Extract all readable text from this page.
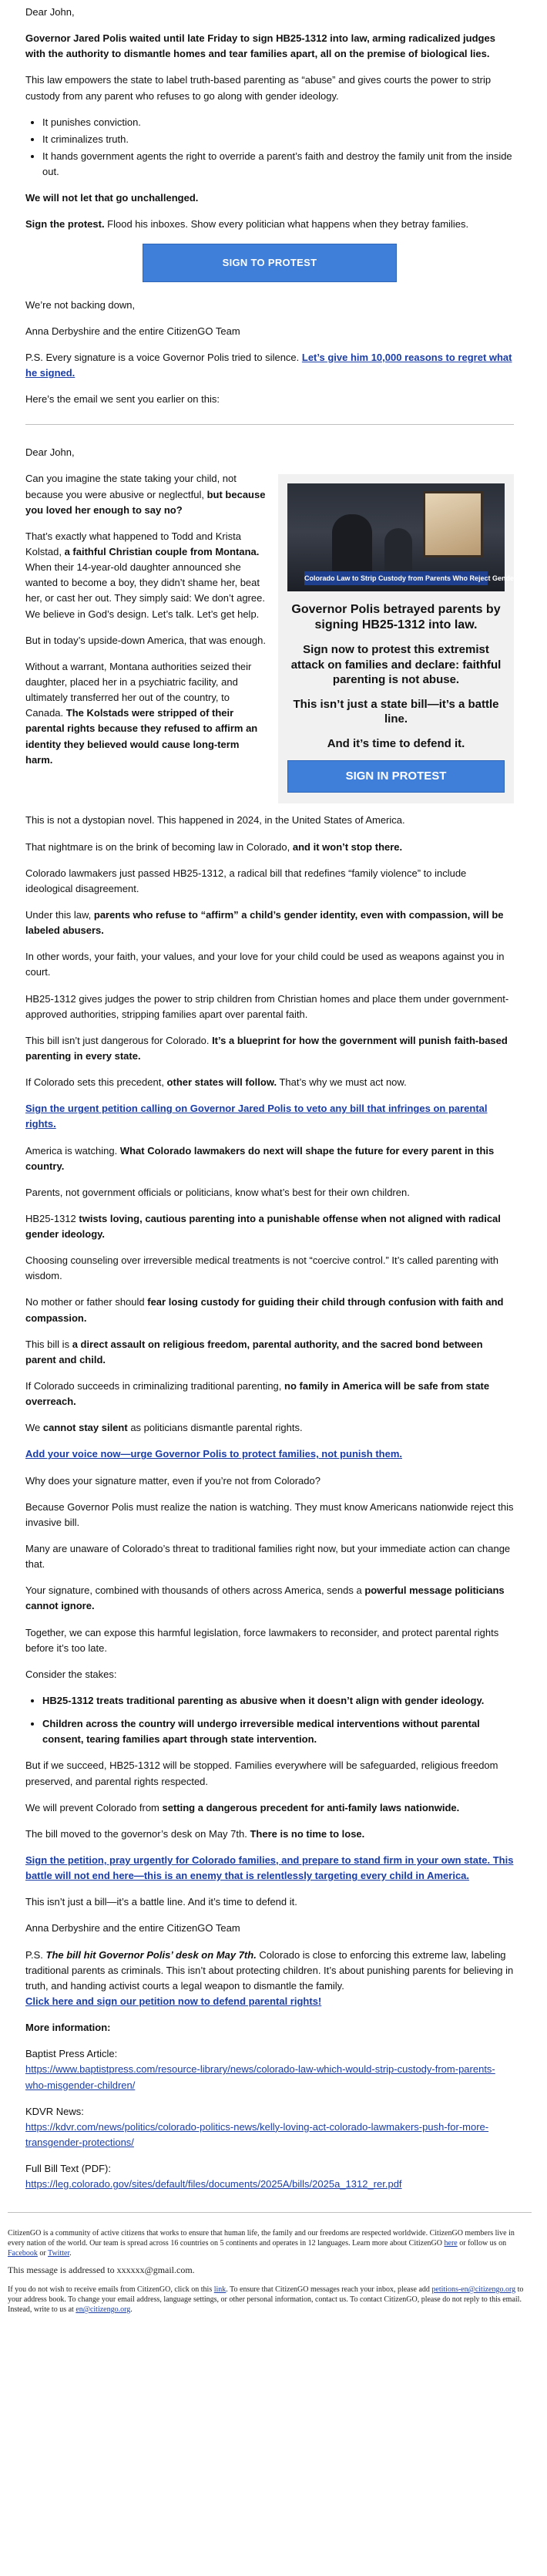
Dear John,

Governor Jared Polis waited until late Friday to sign HB25-1312 into law, arming radicalized judges with the authority to dismantle homes and tear families apart, all on the premise of biological lies.

This law empowers the state to label truth-based parenting as “abuse” and gives courts the power to strip custody from any parent who refuses to go along with gender ideology.

• It punishes conviction.
• It criminalizes truth.
• It hands government agents the right to override a parent’s faith and destroy the family unit from the inside out.

We will not let that go unchallenged.

Sign the protest. Flood his inboxes. Show every politician what happens when they betray families.

SIGN TO PROTEST

We’re not backing down,

Anna Derbyshire and the entire CitizenGO Team

P.S. Every signature is a voice Governor Polis tried to silence. Let’s give him 10,000 reasons to regret what he signed.

Here’s the email we sent you earlier on this:

Dear John,

Colorado Law to Strip Custody from Parents Who Reject Gender Ideology
Governor Polis betrayed parents by signing HB25-1312 into law.
Sign now to protest this extremist attack on families and declare: faithful parenting is not abuse.
This isn’t just a state bill—it’s a battle line.
And it’s time to defend it.
SIGN IN PROTEST

Can you imagine the state taking your child, not because you were abusive or neglectful, but because you loved her enough to say no?

That’s exactly what happened to Todd and Krista Kolstad, a faithful Christian couple from Montana. When their 14-year-old daughter announced she wanted to become a boy, they didn’t shame her, beat her, or cast her out. They simply said: We don’t agree. We believe in God’s design. Let’s talk. Let’s get help.

But in today’s upside-down America, that was enough.

Without a warrant, Montana authorities seized their daughter, placed her in a psychiatric facility, and ultimately transferred her out of the country, to Canada. The Kolstads were stripped of their parental rights because they refused to affirm an identity they believed would cause long-term harm.

This is not a dystopian novel. This happened in 2024, in the United States of America.

That nightmare is on the brink of becoming law in Colorado, and it won’t stop there.

Colorado lawmakers just passed HB25-1312, a radical bill that redefines “family violence” to include ideological disagreement.

Under this law, parents who refuse to “affirm” a child’s gender identity, even with compassion, will be labeled abusers.

In other words, your faith, your values, and your love for your child could be used as weapons against you in court.

HB25-1312 gives judges the power to strip children from Christian homes and place them under government-approved authorities, stripping families apart over parental faith.

This bill isn’t just dangerous for Colorado. It’s a blueprint for how the government will punish faith-based parenting in every state.

If Colorado sets this precedent, other states will follow. That’s why we must act now.

Sign the urgent petition calling on Governor Jared Polis to veto any bill that infringes on parental rights.

America is watching. What Colorado lawmakers do next will shape the future for every parent in this country.

Parents, not government officials or politicians, know what’s best for their own children.

HB25-1312 twists loving, cautious parenting into a punishable offense when not aligned with radical gender ideology.

Choosing counseling over irreversible medical treatments is not “coercive control.” It’s called parenting with wisdom.

No mother or father should fear losing custody for guiding their child through confusion with faith and compassion.

This bill is a direct assault on religious freedom, parental authority, and the sacred bond between parent and child.

If Colorado succeeds in criminalizing traditional parenting, no family in America will be safe from state overreach.

We cannot stay silent as politicians dismantle parental rights.

Add your voice now—urge Governor Polis to protect families, not punish them.

Why does your signature matter, even if you’re not from Colorado?

Because Governor Polis must realize the nation is watching. They must know Americans nationwide reject this invasive bill.

Many are unaware of Colorado’s threat to traditional families right now, but your immediate action can change that.

Your signature, combined with thousands of others across America, sends a powerful message politicians cannot ignore.

Together, we can expose this harmful legislation, force lawmakers to reconsider, and protect parental rights before it’s too late.

Consider the stakes:

• HB25-1312 treats traditional parenting as abusive when it doesn’t align with gender ideology.
• Children across the country will undergo irreversible medical interventions without parental consent, tearing families apart through state intervention.

But if we succeed, HB25-1312 will be stopped. Families everywhere will be safeguarded, religious freedom preserved, and parental rights respected.

We will prevent Colorado from setting a dangerous precedent for anti-family laws nationwide.

The bill moved to the governor’s desk on May 7th. There is no time to lose.

Sign the petition, pray urgently for Colorado families, and prepare to stand firm in your own state. This battle will not end here—this is an enemy that is relentlessly targeting every child in America.

This isn’t just a bill—it’s a battle line. And it’s time to defend it.

Anna Derbyshire and the entire CitizenGO Team

P.S. The bill hit Governor Polis’ desk on May 7th. Colorado is close to enforcing this extreme law, labeling traditional parents as criminals. This isn’t about protecting children. It’s about punishing parents for believing in truth, and handing activist courts a legal weapon to dismantle the family.
Click here and sign our petition now to defend parental rights!

More information:

Baptist Press Article:
https://www.baptistpress.com/resource-library/news/colorado-law-which-would-strip-custody-from-parents-who-misgender-children/

KDVR News:
https://kdvr.com/news/politics/colorado-politics-news/kelly-loving-act-colorado-lawmakers-push-for-more-transgender-protections/

Full Bill Text (PDF):
https://leg.colorado.gov/sites/default/files/documents/2025A/bills/2025a_1312_rer.pdf

CitizenGO is a community of active citizens that works to ensure that human life, the family and our freedoms are respected worldwide. CitizenGO members live in every nation of the world. Our team is spread across 16 countries on 5 continents and operates in 12 languages. Learn more about CitizenGO here or follow us on Facebook or Twitter.

This message is addressed to xxxxxx@gmail.com.

If you do not wish to receive emails from CitizenGO, click on this link. To ensure that CitizenGO messages reach your inbox, please add petitions-en@citizengo.org to your address book. To change your email address, language settings, or other personal information, contact us. To contact CitizenGO, please do not reply to this email. Instead, write to us at en@citizengo.org.
